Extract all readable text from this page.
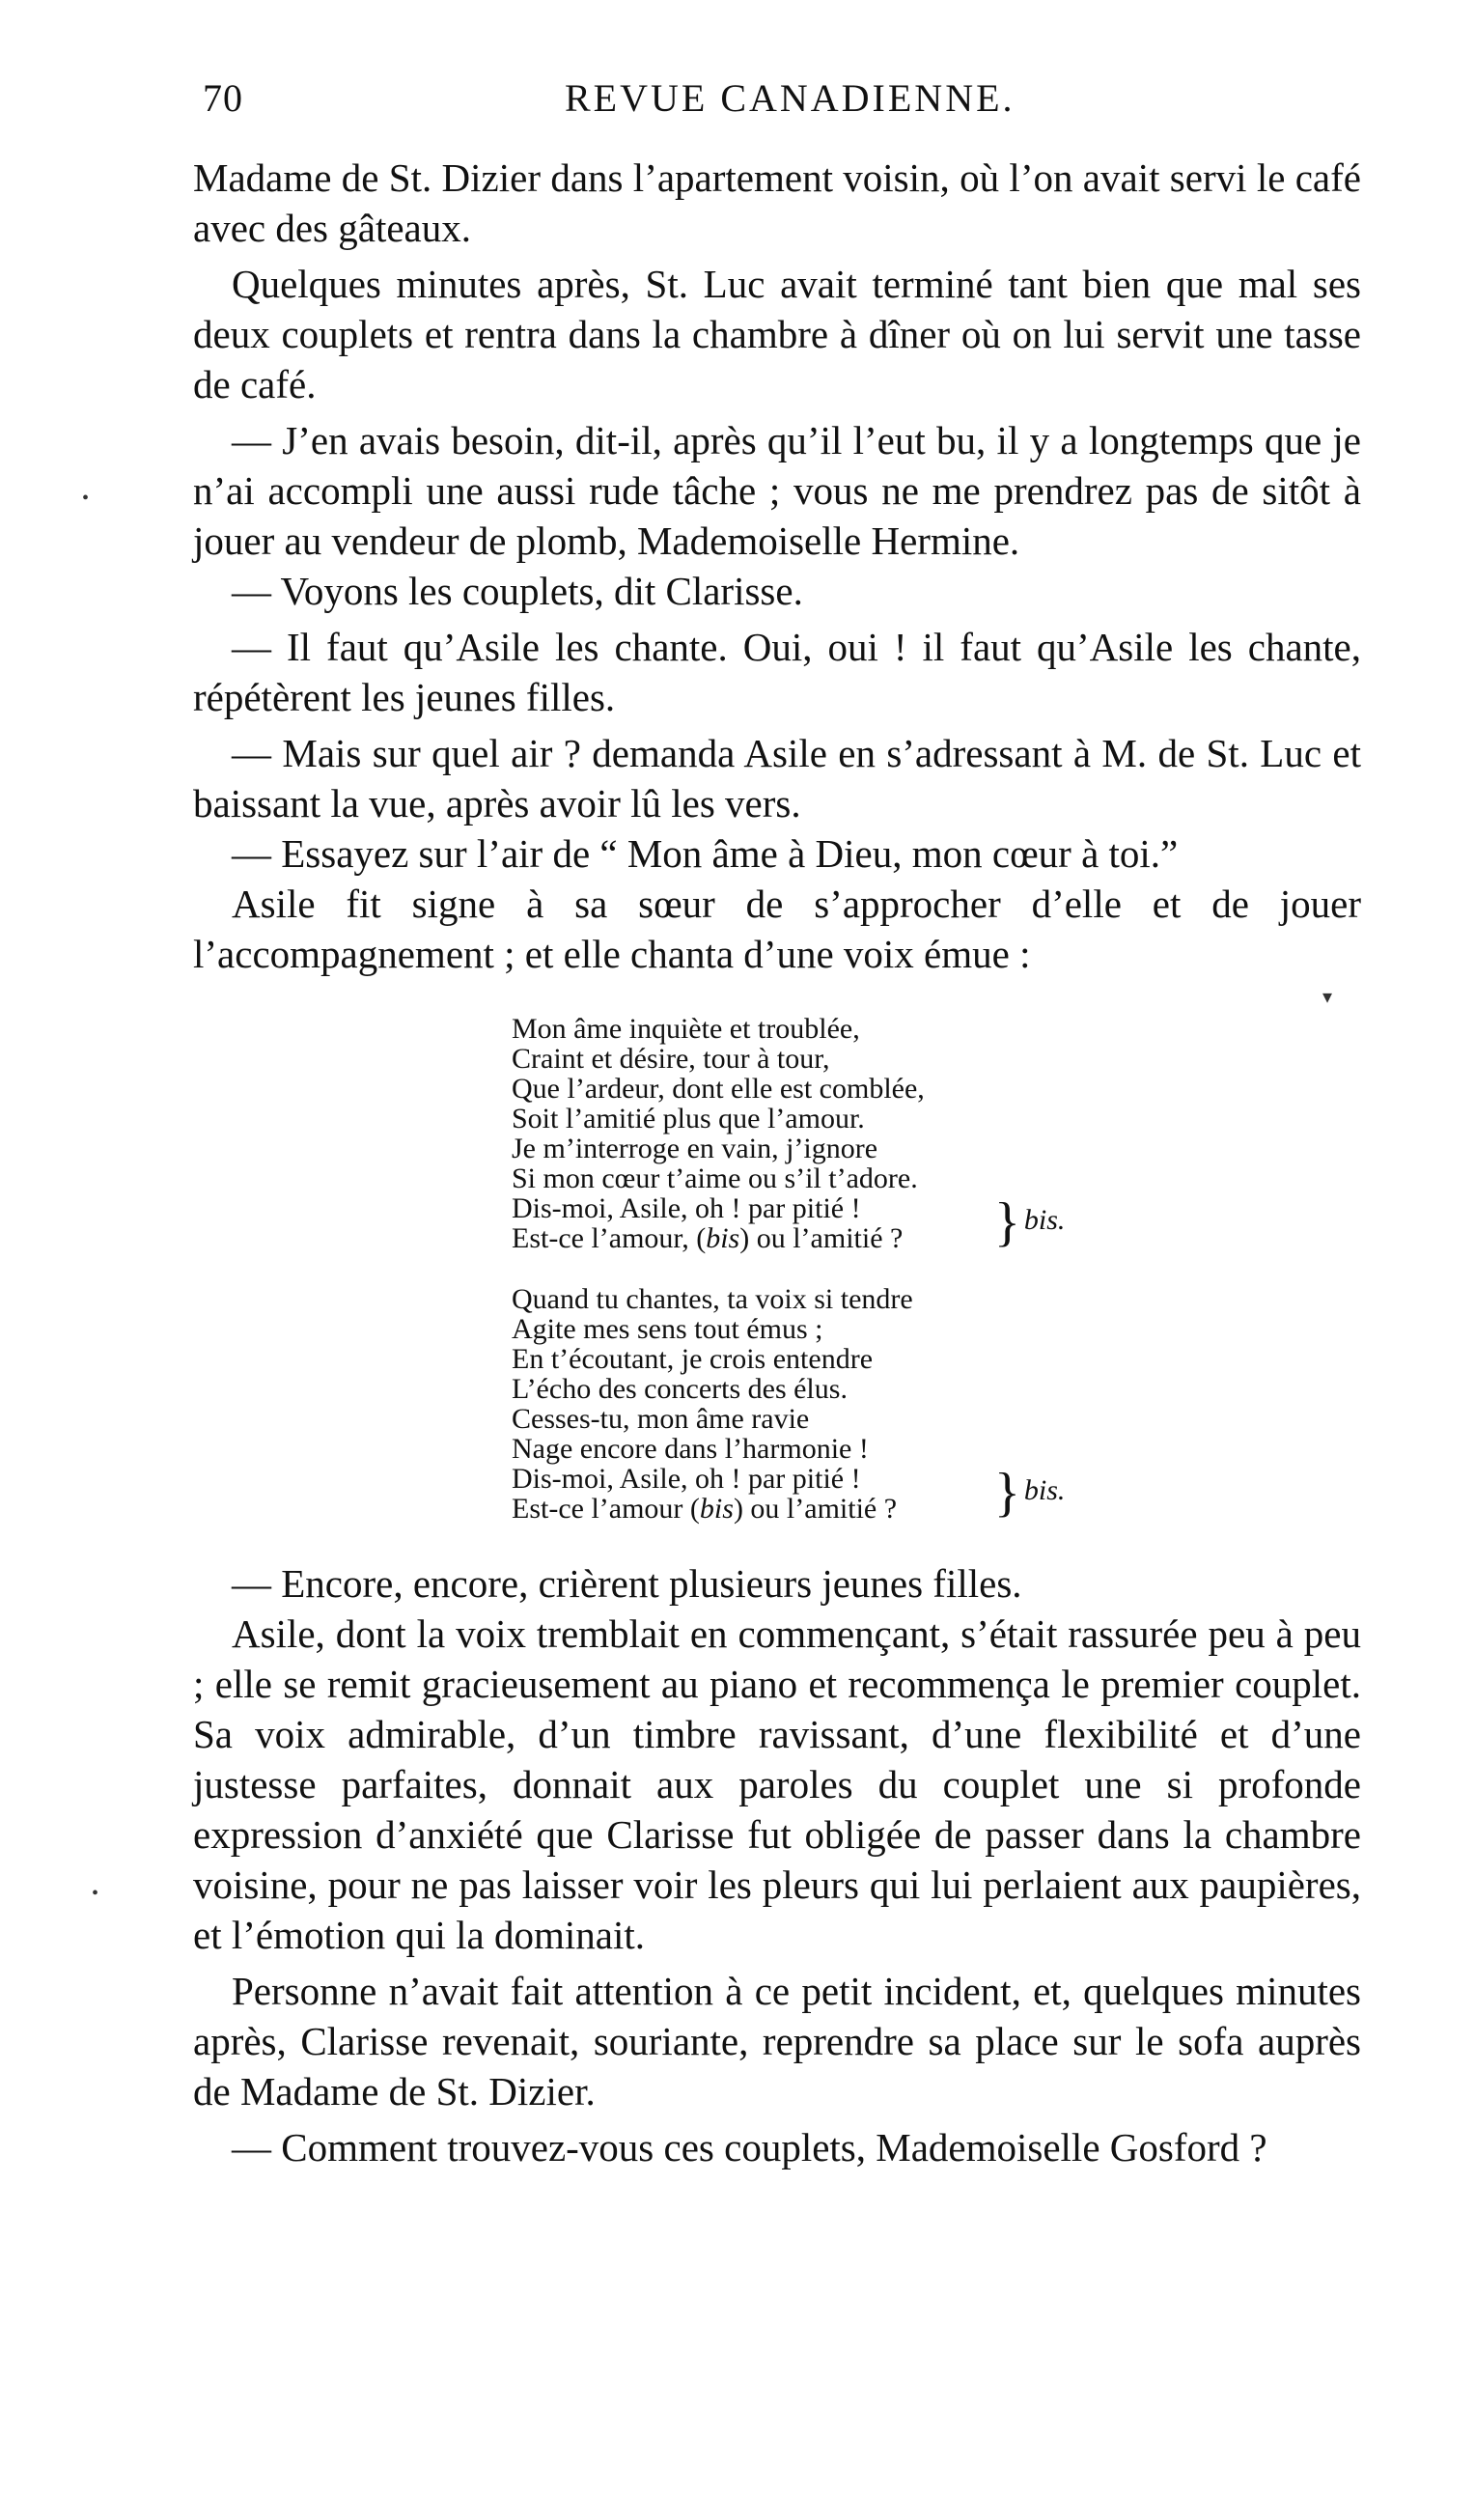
70	REVUE CANADIENNE.

Madame de St. Dizier dans l’apartement voisin, où l’on avait servi le café avec des gâteaux.

Quelques minutes après, St. Luc avait terminé tant bien que mal ses deux couplets et rentra dans la chambre à dîner où on lui servit une tasse de café.

— J’en avais besoin, dit-il, après qu’il l’eut bu, il y a longtemps que je n’ai accompli une aussi rude tâche ; vous ne me prendrez pas de sitôt à jouer au vendeur de plomb, Mademoiselle Hermine.

— Voyons les couplets, dit Clarisse.

— Il faut qu’Asile les chante. Oui, oui ! il faut qu’Asile les chante, répétèrent les jeunes filles.

— Mais sur quel air ? demanda Asile en s’adressant à M. de St. Luc et baissant la vue, après avoir lû les vers.

— Essayez sur l’air de “ Mon âme à Dieu, mon cœur à toi.”

Asile fit signe à sa sœur de s’approcher d’elle et de jouer l’accompagnement ; et elle chanta d’une voix émue :

Mon âme inquiète et troublée,
Craint et désire, tour à tour,
Que l’ardeur, dont elle est comblée,
Soit l’amitié plus que l’amour.
Je m’interroge en vain, j’ignore
Si mon cœur t’aime ou s’il t’adore.
Dis-moi, Asile, oh ! par pitié !
Est-ce l’amour, (bis) ou l’amitié ?	} bis.
Quand tu chantes, ta voix si tendre
Agite mes sens tout émus ;
En t’écoutant, je crois entendre
L’écho des concerts des élus.
Cesses-tu, mon âme ravie
Nage encore dans l’harmonie !
Dis-moi, Asile, oh ! par pitié !
Est-ce l’amour (bis) ou l’amitié ?	} bis.

— Encore, encore, crièrent plusieurs jeunes filles.

Asile, dont la voix tremblait en commençant, s’était rassurée peu à peu ; elle se remit gracieusement au piano et recommença le premier couplet. Sa voix admirable, d’un timbre ravissant, d’une flexibilité et d’une justesse parfaites, donnait aux paroles du couplet une si profonde expression d’anxiété que Clarisse fut obligée de passer dans la chambre voisine, pour ne pas laisser voir les pleurs qui lui perlaient aux paupières, et l’émotion qui la dominait.

Personne n’avait fait attention à ce petit incident, et, quelques minutes après, Clarisse revenait, souriante, reprendre sa place sur le sofa auprès de Madame de St. Dizier.

— Comment trouvez-vous ces couplets, Mademoiselle Gosford ?

•
▾
•
